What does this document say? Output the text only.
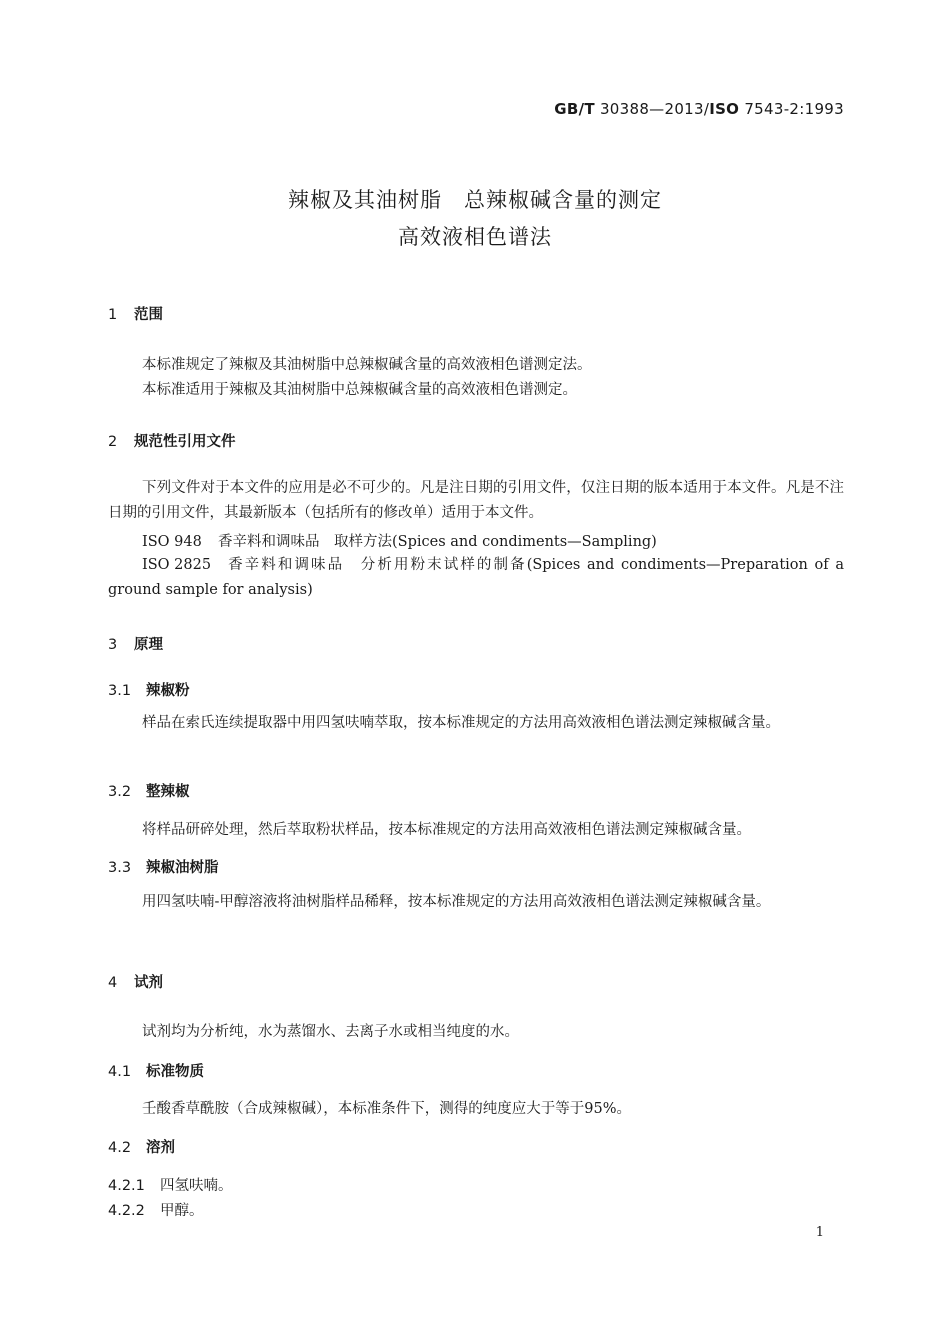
GB/T 30388—2013/ISO 7543-2:1993
辣椒及其油树脂　总辣椒碱含量的测定
高效液相色谱法
1 范围
本标准规定了辣椒及其油树脂中总辣椒碱含量的高效液相色谱测定法。
本标准适用于辣椒及其油树脂中总辣椒碱含量的高效液相色谱测定。
2 规范性引用文件
下列文件对于本文件的应用是必不可少的。凡是注日期的引用文件，仅注日期的版本适用于本文件。凡是不注日期的引用文件，其最新版本（包括所有的修改单）适用于本文件。
ISO 948 香辛料和调味品　取样方法(Spices and condiments—Sampling)
ISO 2825 香辛料和调味品　分析用粉末试样的制备(Spices and condiments—Preparation of a ground sample for analysis)
3 原理
3.1 辣椒粉
样品在索氏连续提取器中用四氢呋喃萃取，按本标准规定的方法用高效液相色谱法测定辣椒碱含量。
3.2 整辣椒
将样品研碎处理，然后萃取粉状样品，按本标准规定的方法用高效液相色谱法测定辣椒碱含量。
3.3 辣椒油树脂
用四氢呋喃-甲醇溶液将油树脂样品稀释，按本标准规定的方法用高效液相色谱法测定辣椒碱含量。
4 试剂
试剂均为分析纯，水为蒸馏水、去离子水或相当纯度的水。
4.1 标准物质
壬酸香草酰胺（合成辣椒碱），本标准条件下，测得的纯度应大于等于95%。
4.2 溶剂
4.2.1 四氢呋喃。
4.2.2 甲醇。
1
